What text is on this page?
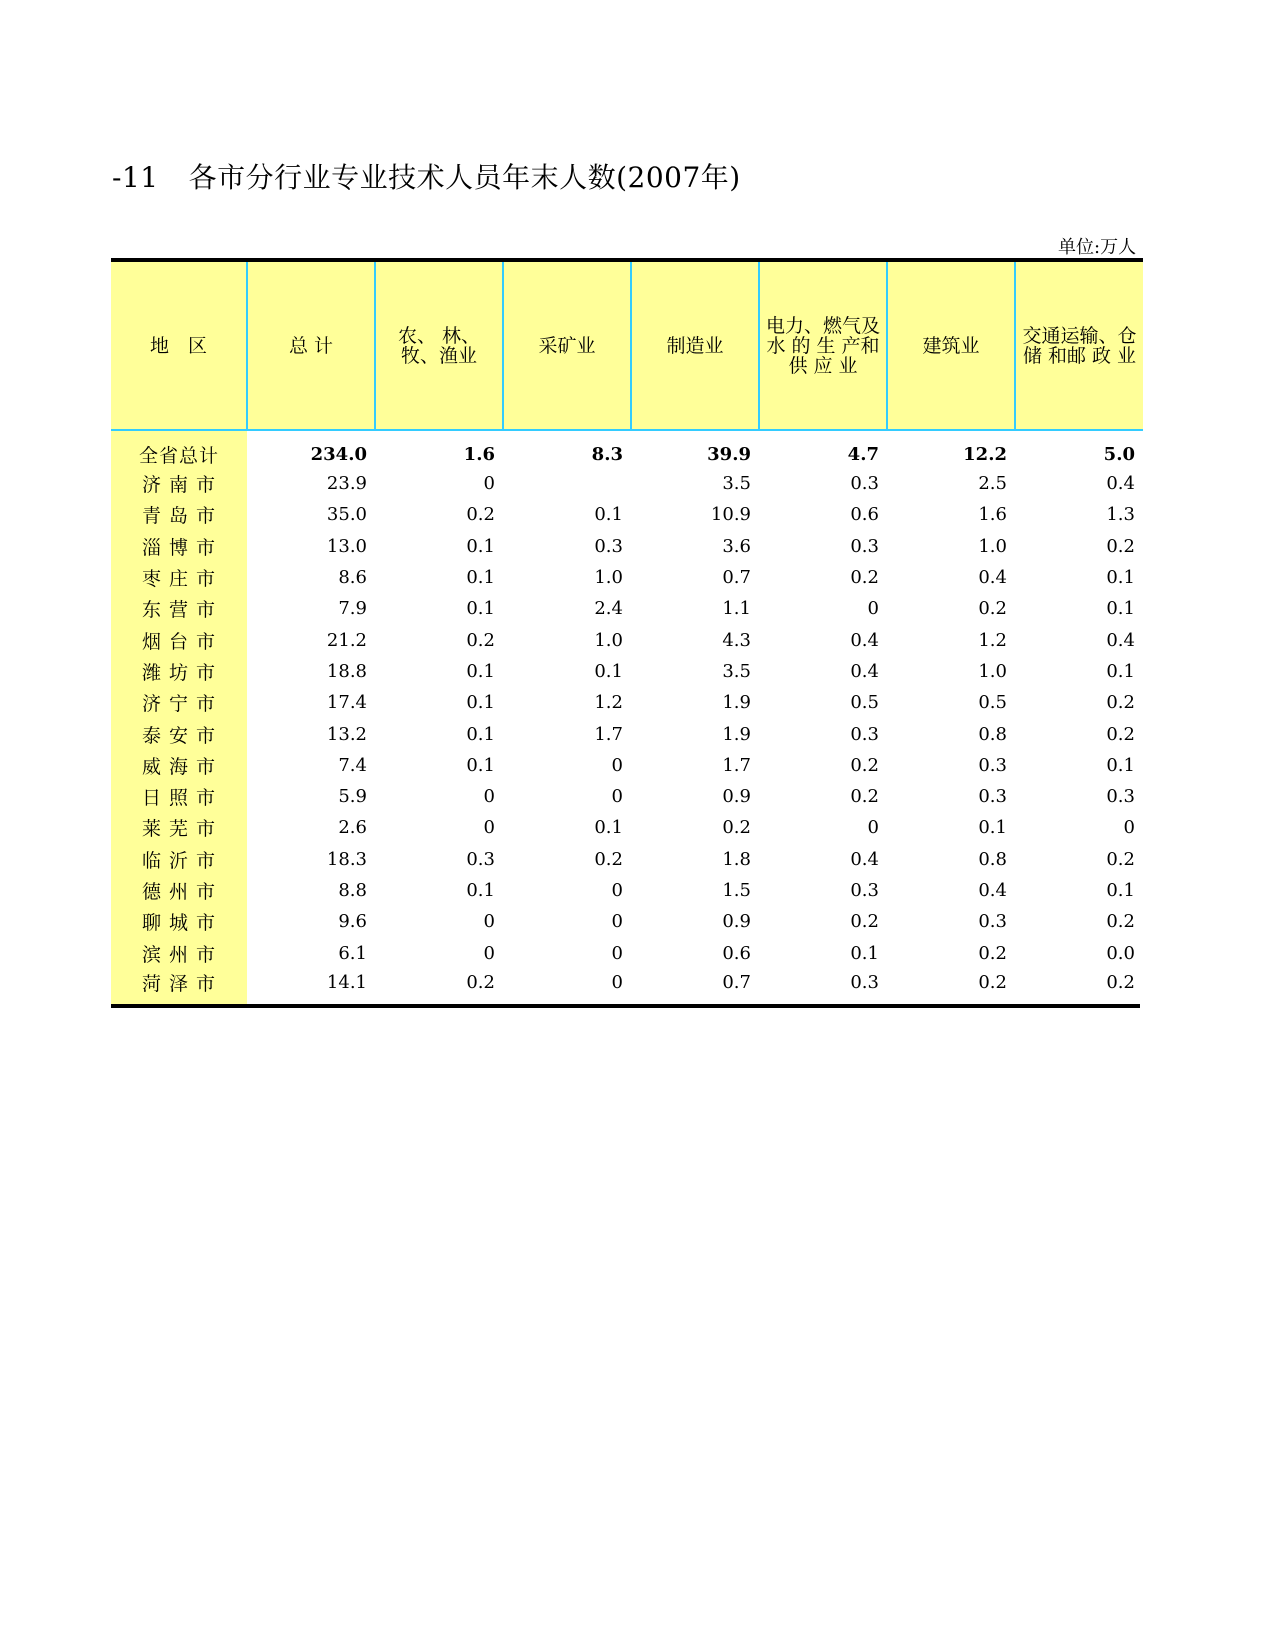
-11 各市分行业专业技术人员年末人数(2007年)
单位:万人
地　区	总 计	农、 林、牧、渔业	采矿业	制造业	电力、燃气及水 的 生 产和 供 应 业	建筑业	交通运输、仓 储 和邮 政 业
全省总计	234.0	1.6	8.3	39.9	4.7	12.2	5.0
济 南 市	23.9	0		3.5	0.3	2.5	0.4
青 岛 市	35.0	0.2	0.1	10.9	0.6	1.6	1.3
淄 博 市	13.0	0.1	0.3	3.6	0.3	1.0	0.2
枣 庄 市	8.6	0.1	1.0	0.7	0.2	0.4	0.1
东 营 市	7.9	0.1	2.4	1.1	0	0.2	0.1
烟 台 市	21.2	0.2	1.0	4.3	0.4	1.2	0.4
潍 坊 市	18.8	0.1	0.1	3.5	0.4	1.0	0.1
济 宁 市	17.4	0.1	1.2	1.9	0.5	0.5	0.2
泰 安 市	13.2	0.1	1.7	1.9	0.3	0.8	0.2
威 海 市	7.4	0.1	0	1.7	0.2	0.3	0.1
日 照 市	5.9	0	0	0.9	0.2	0.3	0.3
莱 芜 市	2.6	0	0.1	0.2	0	0.1	0
临 沂 市	18.3	0.3	0.2	1.8	0.4	0.8	0.2
德 州 市	8.8	0.1	0	1.5	0.3	0.4	0.1
聊 城 市	9.6	0	0	0.9	0.2	0.3	0.2
滨 州 市	6.1	0	0	0.6	0.1	0.2	0.0
菏 泽 市	14.1	0.2	0	0.7	0.3	0.2	0.2
